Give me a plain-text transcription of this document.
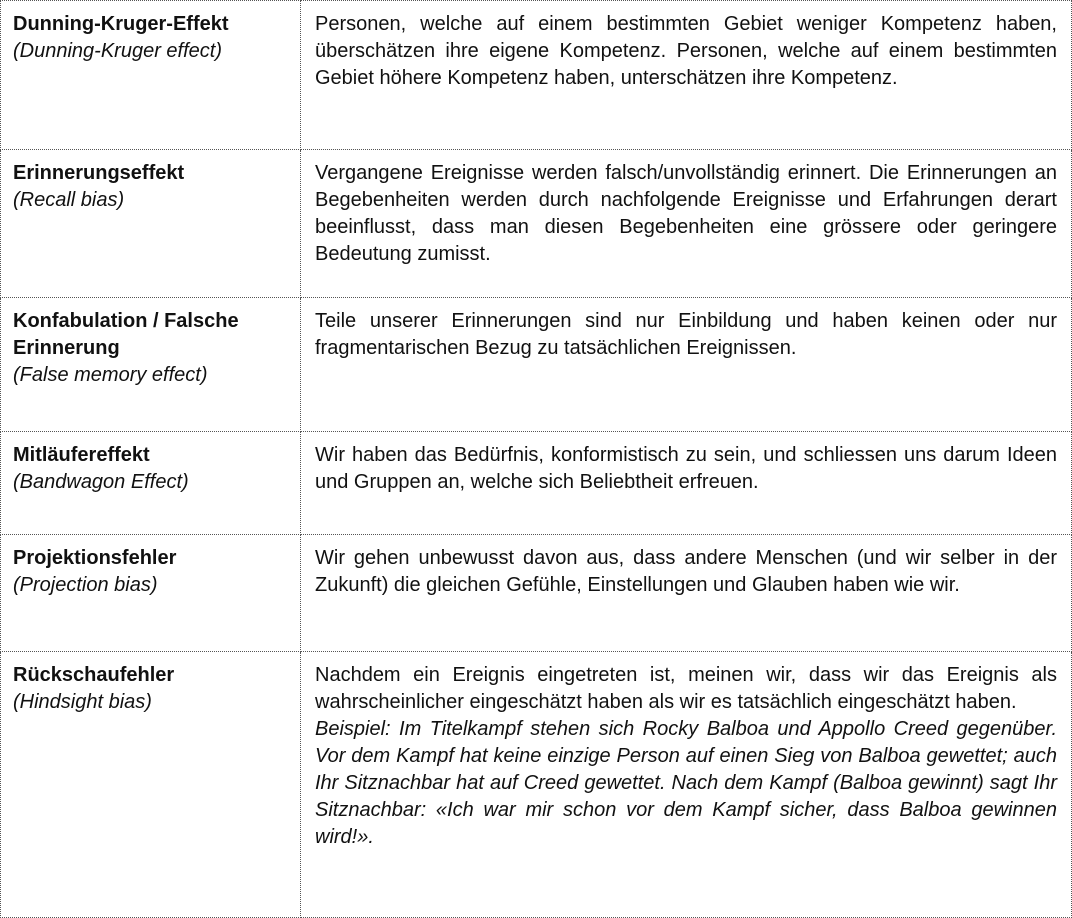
Dunning-Kruger-Effekt
(Dunning-Kruger effect)	Personen, welche auf einem bestimmten Gebiet weniger Kompetenz haben, überschätzen ihre eigene Kompetenz. Personen, welche auf einem bestimmten Gebiet höhere Kompetenz haben, unterschätzen ihre Kompetenz.

Erinnerungseffekt
(Recall bias)	Vergangene Ereignisse werden falsch/unvollständig erinnert. Die Erinnerungen an Begebenheiten werden durch nachfolgende Ereignisse und Erfahrungen derart beeinflusst, dass man diesen Begebenheiten eine grössere oder geringere Bedeutung zumisst.

Konfabulation / Falsche Erinnerung
(False memory effect)	Teile unserer Erinnerungen sind nur Einbildung und haben keinen oder nur fragmentarischen Bezug zu tatsächlichen Ereignissen.

Mitläufereffekt
(Bandwagon Effect)	Wir haben das Bedürfnis, konformistisch zu sein, und schliessen uns darum Ideen und Gruppen an, welche sich Beliebtheit erfreuen.

Projektionsfehler
(Projection bias)	Wir gehen unbewusst davon aus, dass andere Menschen (und wir selber in der Zukunft) die gleichen Gefühle, Einstellungen und Glauben haben wie wir.

Rückschaufehler
(Hindsight bias)	Nachdem ein Ereignis eingetreten ist, meinen wir, dass wir das Ereignis als wahrscheinlicher eingeschätzt haben als wir es tatsächlich eingeschätzt haben.
Beispiel: Im Titelkampf stehen sich Rocky Balboa und Appollo Creed gegenüber. Vor dem Kampf hat keine einzige Person auf einen Sieg von Balboa gewettet; auch Ihr Sitznachbar hat auf Creed gewettet. Nach dem Kampf (Balboa gewinnt) sagt Ihr Sitznachbar: «Ich war mir schon vor dem Kampf sicher, dass Balboa gewinnen wird!».
